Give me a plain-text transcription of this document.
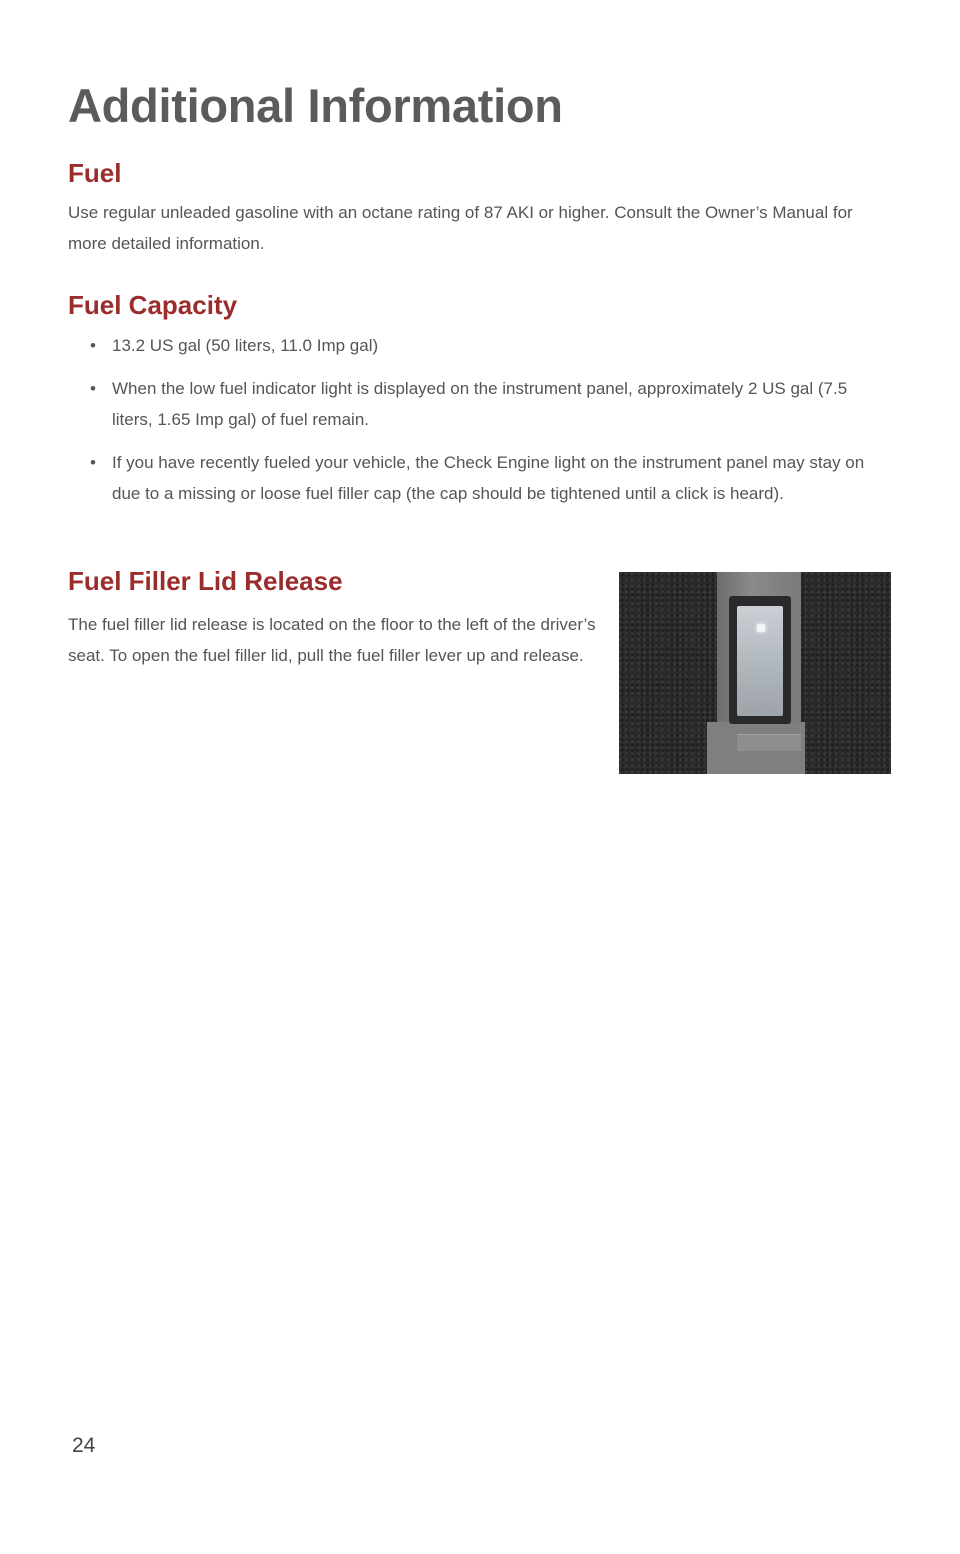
Additional Information
Fuel

Use regular unleaded gasoline with an octane rating of 87 AKI or higher. Consult the Owner’s Manual for more detailed information.

Fuel Capacity
• 13.2 US gal (50 liters, 11.0 Imp gal)
• When the low fuel indicator light is displayed on the instrument panel, approximately 2 US gal (7.5 liters, 1.65 Imp gal) of fuel remain.
• If you have recently fueled your vehicle, the Check Engine light on the instrument panel may stay on due to a missing or loose fuel filler cap (the cap should be tightened until a click is heard).
Fuel Filler Lid Release

The fuel filler lid release is located on the floor to the left of the driver’s seat. To open the fuel filler lid, pull the fuel filler lever up and release.

24
